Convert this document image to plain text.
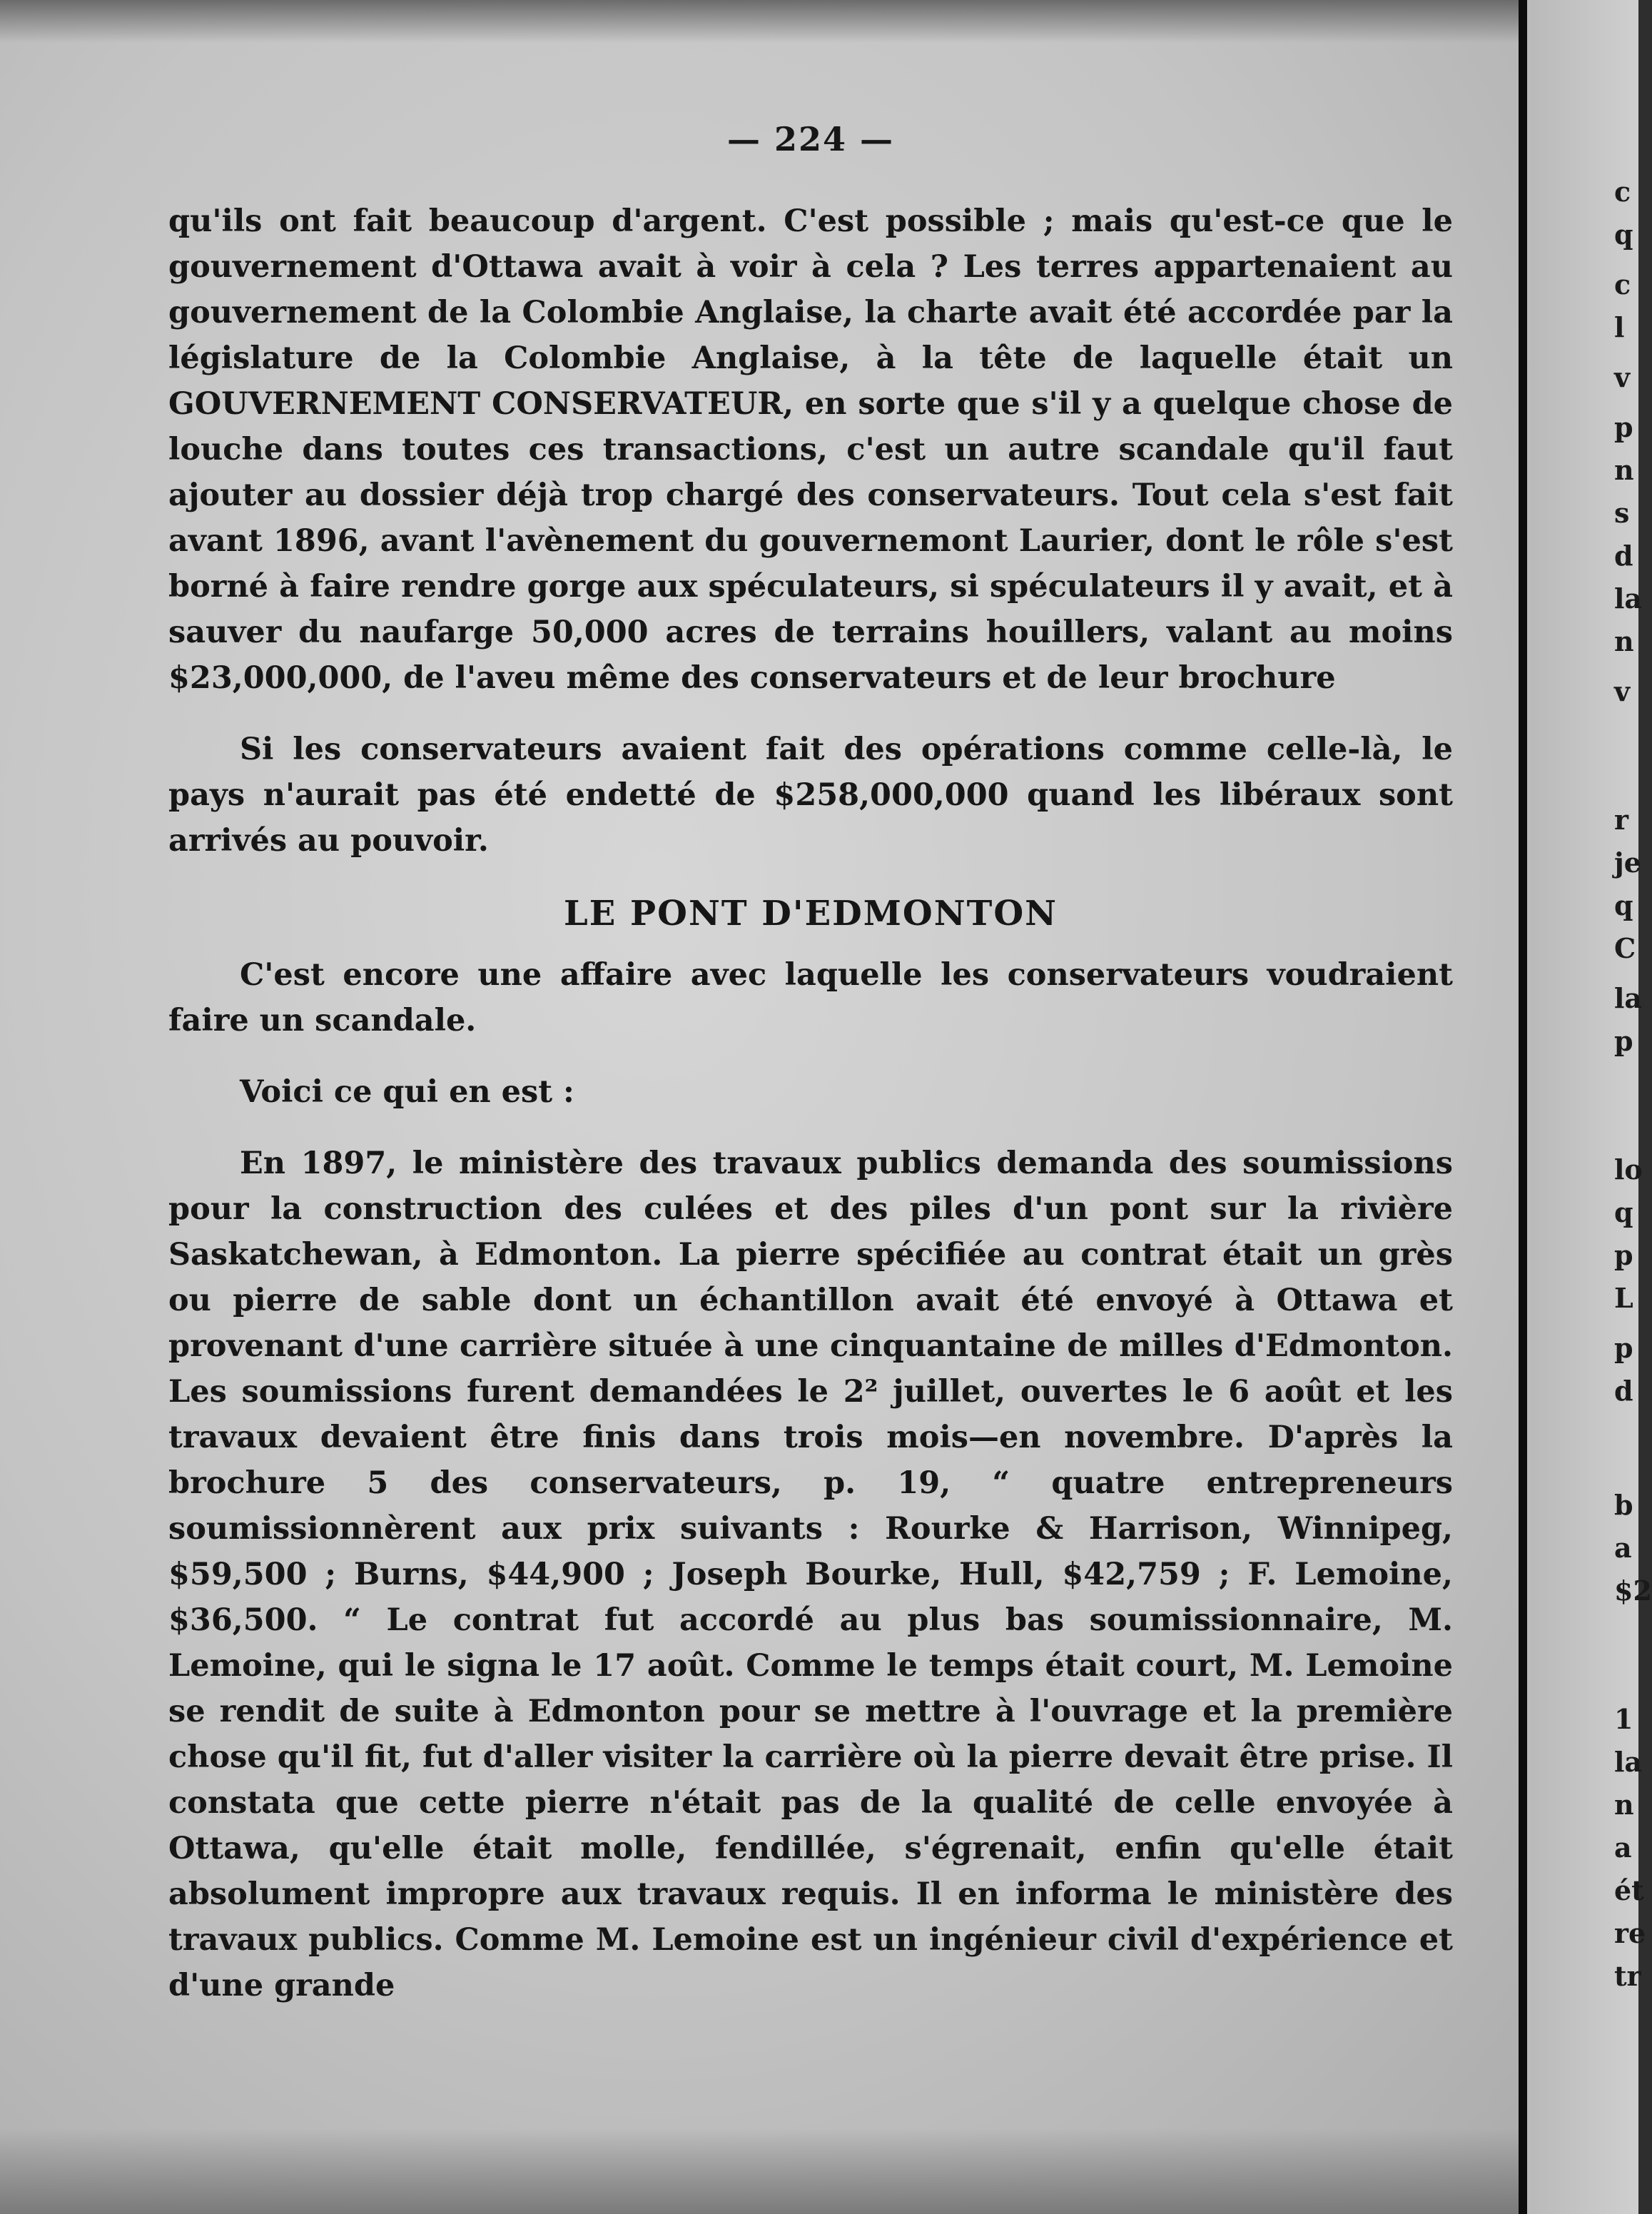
c
q
c
l
v
p
n
s
d
la
n
v
r
je
q
C
la
p
lo
q
p
L
p
d
b
a
$2
1
la
n
a
ét
re
tr
— 224 —

qu'ils ont fait beaucoup d'argent. C'est possible ; mais qu'est-ce que le gouvernement d'Ottawa avait à voir à cela ? Les terres appartenaient au gouvernement de la Colombie Anglaise, la charte avait été accordée par la législature de la Colombie Anglaise, à la tête de laquelle était un GOUVERNEMENT CONSERVATEUR, en sorte que s'il y a quelque chose de louche dans toutes ces transactions, c'est un autre scandale qu'il faut ajouter au dossier déjà trop chargé des conservateurs. Tout cela s'est fait avant 1896, avant l'avènement du gouvernemont Laurier, dont le rôle s'est borné à faire rendre gorge aux spéculateurs, si spéculateurs il y avait, et à sauver du naufarge 50,000 acres de terrains houillers, valant au moins $23,000,000, de l'aveu même des conservateurs et de leur brochure

Si les conservateurs avaient fait des opérations comme celle-là, le pays n'aurait pas été endetté de $258,000,000 quand les libéraux sont arrivés au pouvoir.

LE PONT D'EDMONTON

C'est encore une affaire avec laquelle les conservateurs voudraient faire un scandale.

Voici ce qui en est :

En 1897, le ministère des travaux publics demanda des soumissions pour la construction des culées et des piles d'un pont sur la rivière Saskatchewan, à Edmonton. La pierre spécifiée au contrat était un grès ou pierre de sable dont un échantillon avait été envoyé à Ottawa et provenant d'une carrière située à une cinquantaine de milles d'Edmonton. Les soumissions furent demandées le 2² juillet, ouvertes le 6 août et les travaux devaient être finis dans trois mois—en novembre. D'après la brochure 5 des conservateurs, p. 19, “ quatre entrepreneurs soumissionnèrent aux prix suivants : Rourke & Harrison, Winnipeg, $59,500 ; Burns, $44,900 ; Joseph Bourke, Hull, $42,759 ; F. Lemoine, $36,500. “ Le contrat fut accordé au plus bas soumissionnaire, M. Lemoine, qui le signa le 17 août. Comme le temps était court, M. Lemoine se rendit de suite à Edmonton pour se mettre à l'ouvrage et la première chose qu'il fit, fut d'aller visiter la carrière où la pierre devait être prise. Il constata que cette pierre n'était pas de la qualité de celle envoyée à Ottawa, qu'elle était molle, fendillée, s'égrenait, enfin qu'elle était absolument impropre aux travaux requis. Il en informa le ministère des travaux publics. Comme M. Lemoine est un ingénieur civil d'expérience et d'une grande
